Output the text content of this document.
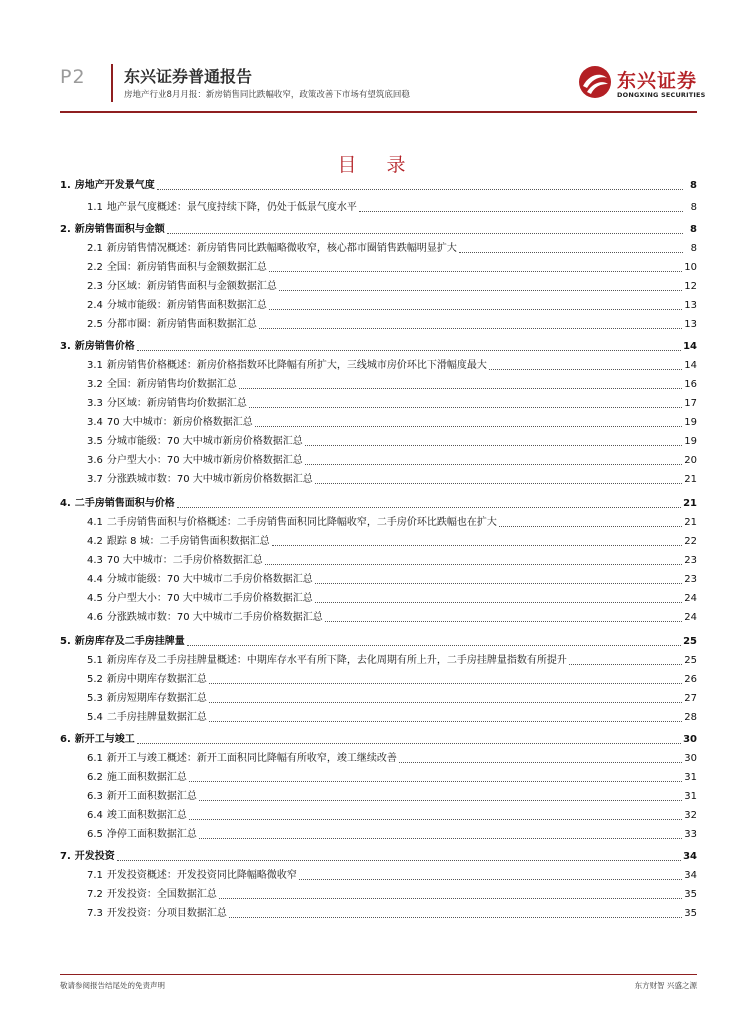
P2 东兴证券普通报告
房地产行业8月月报：新房销售同比跌幅收窄，政策改善下市场有望筑底回稳
东兴证券
DONGXING SECURITIES
目 录
1. 房地产开发景气度	8
1.1 地产景气度概述：景气度持续下降，仍处于低景气度水平	8
2. 新房销售面积与金额	8
2.1 新房销售情况概述：新房销售同比跌幅略微收窄，核心都市圈销售跌幅明显扩大	8
2.2 全国：新房销售面积与金额数据汇总	10
2.3 分区域：新房销售面积与金额数据汇总	12
2.4 分城市能级：新房销售面积数据汇总	13
2.5 分都市圈：新房销售面积数据汇总	13
3. 新房销售价格	14
3.1 新房销售价格概述：新房价格指数环比降幅有所扩大，三线城市房价环比下滑幅度最大	14
3.2 全国：新房销售均价数据汇总	16
3.3 分区域：新房销售均价数据汇总	17
3.4 70 大中城市：新房价格数据汇总	19
3.5 分城市能级：70 大中城市新房价格数据汇总	19
3.6 分户型大小：70 大中城市新房价格数据汇总	20
3.7 分涨跌城市数：70 大中城市新房价格数据汇总	21
4. 二手房销售面积与价格	21
4.1 二手房销售面积与价格概述：二手房销售面积同比降幅收窄，二手房价环比跌幅也在扩大	21
4.2 跟踪 8 城：二手房销售面积数据汇总	22
4.3 70 大中城市：二手房价格数据汇总	23
4.4 分城市能级：70 大中城市二手房价格数据汇总	23
4.5 分户型大小：70 大中城市二手房价格数据汇总	24
4.6 分涨跌城市数：70 大中城市二手房价格数据汇总	24
5. 新房库存及二手房挂牌量	25
5.1 新房库存及二手房挂牌量概述：中期库存水平有所下降，去化周期有所上升，二手房挂牌量指数有所提升	25
5.2 新房中期库存数据汇总	26
5.3 新房短期库存数据汇总	27
5.4 二手房挂牌量数据汇总	28
6. 新开工与竣工	30
6.1 新开工与竣工概述：新开工面积同比降幅有所收窄，竣工继续改善	30
6.2 施工面积数据汇总	31
6.3 新开工面积数据汇总	31
6.4 竣工面积数据汇总	32
6.5 净停工面积数据汇总	33
7. 开发投资	34
7.1 开发投资概述：开发投资同比降幅略微收窄	34
7.2 开发投资：全国数据汇总	35
7.3 开发投资：分项目数据汇总	35
敬请参阅报告结尾处的免责声明	东方财智 兴盛之源
